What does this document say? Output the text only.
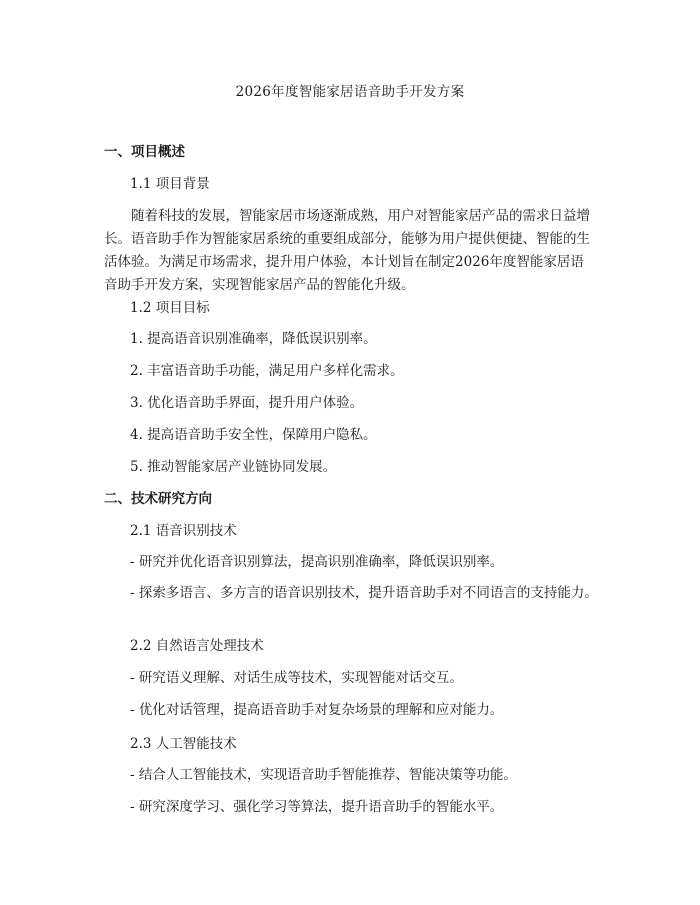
2026年度智能家居语音助手开发方案
一、项目概述
1.1 项目背景
随着科技的发展，智能家居市场逐渐成熟，用户对智能家居产品的需求日益增长。语音助手作为智能家居系统的重要组成部分，能够为用户提供便捷、智能的生活体验。为满足市场需求，提升用户体验，本计划旨在制定2026年度智能家居语音助手开发方案，实现智能家居产品的智能化升级。
1.2 项目目标
1. 提高语音识别准确率，降低误识别率。
2. 丰富语音助手功能，满足用户多样化需求。
3. 优化语音助手界面，提升用户体验。
4. 提高语音助手安全性，保障用户隐私。
5. 推动智能家居产业链协同发展。
二、技术研究方向
2.1 语音识别技术
- 研究并优化语音识别算法，提高识别准确率，降低误识别率。
- 探索多语言、多方言的语音识别技术，提升语音助手对不同语言的支持能力。
2.2 自然语言处理技术
- 研究语义理解、对话生成等技术，实现智能对话交互。
- 优化对话管理，提高语音助手对复杂场景的理解和应对能力。
2.3 人工智能技术
- 结合人工智能技术，实现语音助手智能推荐、智能决策等功能。
- 研究深度学习、强化学习等算法，提升语音助手的智能水平。
